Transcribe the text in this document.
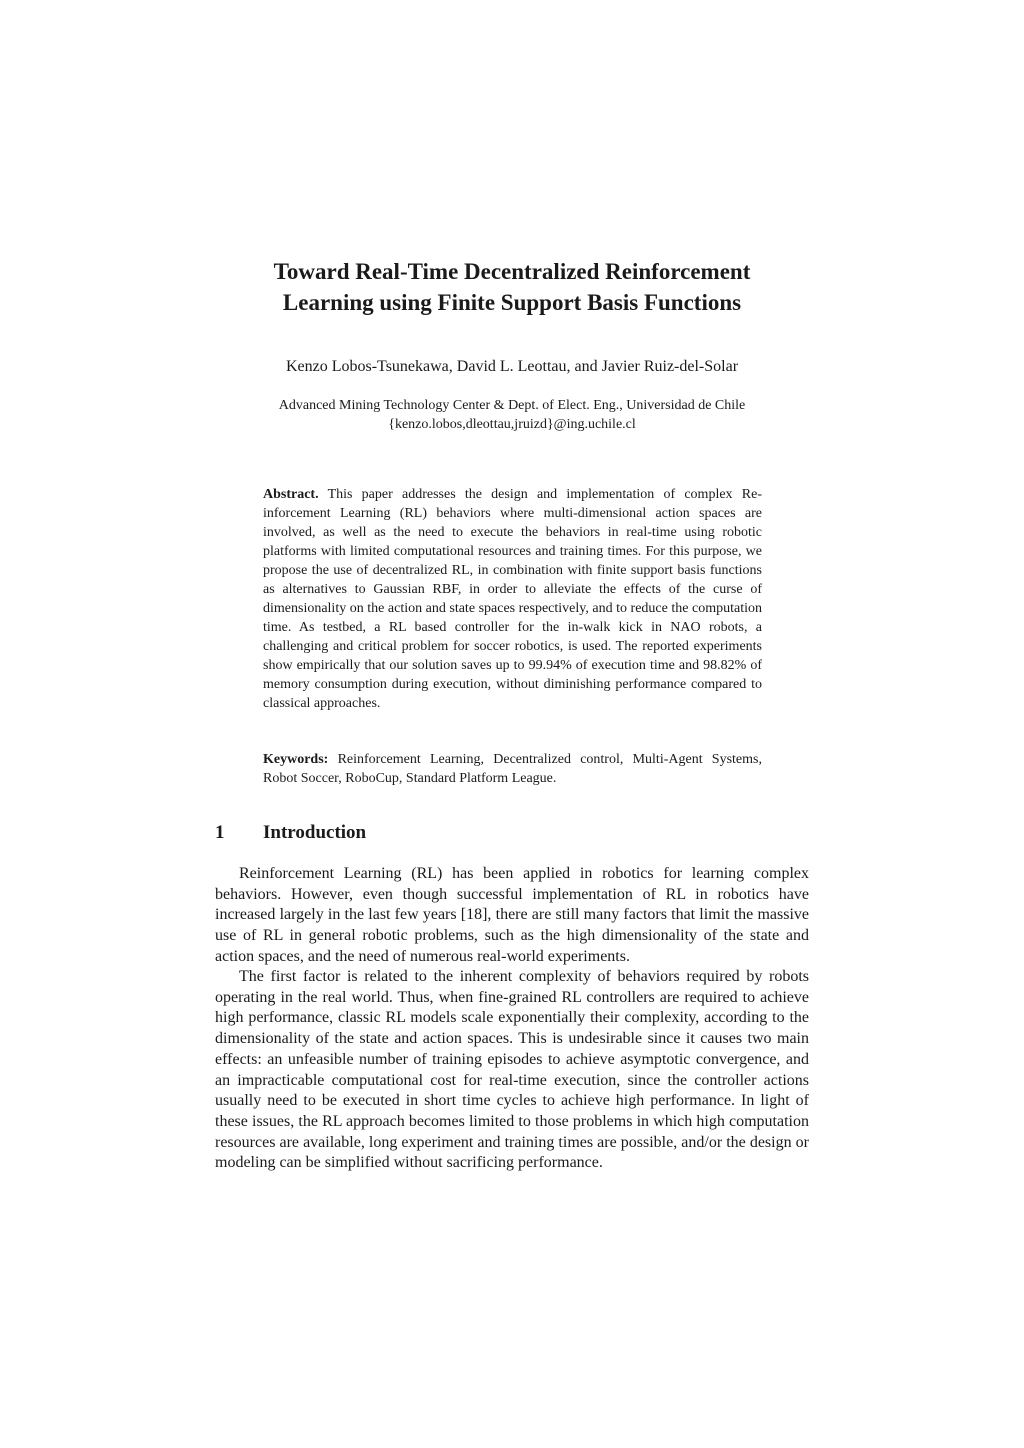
Toward Real-Time Decentralized Reinforcement
Learning using Finite Support Basis Functions

Kenzo Lobos-Tsunekawa, David L. Leottau, and Javier Ruiz-del-Solar

Advanced Mining Technology Center & Dept. of Elect. Eng., Universidad de Chile
{kenzo.lobos,dleottau,jruizd}@ing.uchile.cl

Abstract. This paper addresses the design and implementation of complex Reinforcement Learning (RL) behaviors where multi-dimensional action spaces are involved, as well as the need to execute the behaviors in real-time using robotic platforms with limited computational resources and training times. For this purpose, we propose the use of decentralized RL, in combination with finite support basis functions as alternatives to Gaussian RBF, in order to alleviate the effects of the curse of dimensionality on the action and state spaces respectively, and to reduce the computation time. As testbed, a RL based controller for the in-walk kick in NAO robots, a challenging and critical problem for soccer robotics, is used. The reported experiments show empirically that our solution saves up to 99.94% of execution time and 98.82% of memory consumption during execution, without diminishing performance compared to classical approaches.

Keywords: Reinforcement Learning, Decentralized control, Multi-Agent Systems, Robot Soccer, RoboCup, Standard Platform League.

1 Introduction

Reinforcement Learning (RL) has been applied in robotics for learning complex behaviors. However, even though successful implementation of RL in robotics have increased largely in the last few years [18], there are still many factors that limit the massive use of RL in general robotic problems, such as the high dimensionality of the state and action spaces, and the need of numerous real-world experiments.

The first factor is related to the inherent complexity of behaviors required by robots operating in the real world. Thus, when fine-grained RL controllers are required to achieve high performance, classic RL models scale exponentially their complexity, according to the dimensionality of the state and action spaces. This is undesirable since it causes two main effects: an unfeasible number of training episodes to achieve asymptotic convergence, and an impracticable computational cost for real-time execution, since the controller actions usually need to be executed in short time cycles to achieve high performance. In light of these issues, the RL approach becomes limited to those problems in which high computation resources are available, long experiment and training times are possible, and/or the design or modeling can be simplified without sacrificing performance.
